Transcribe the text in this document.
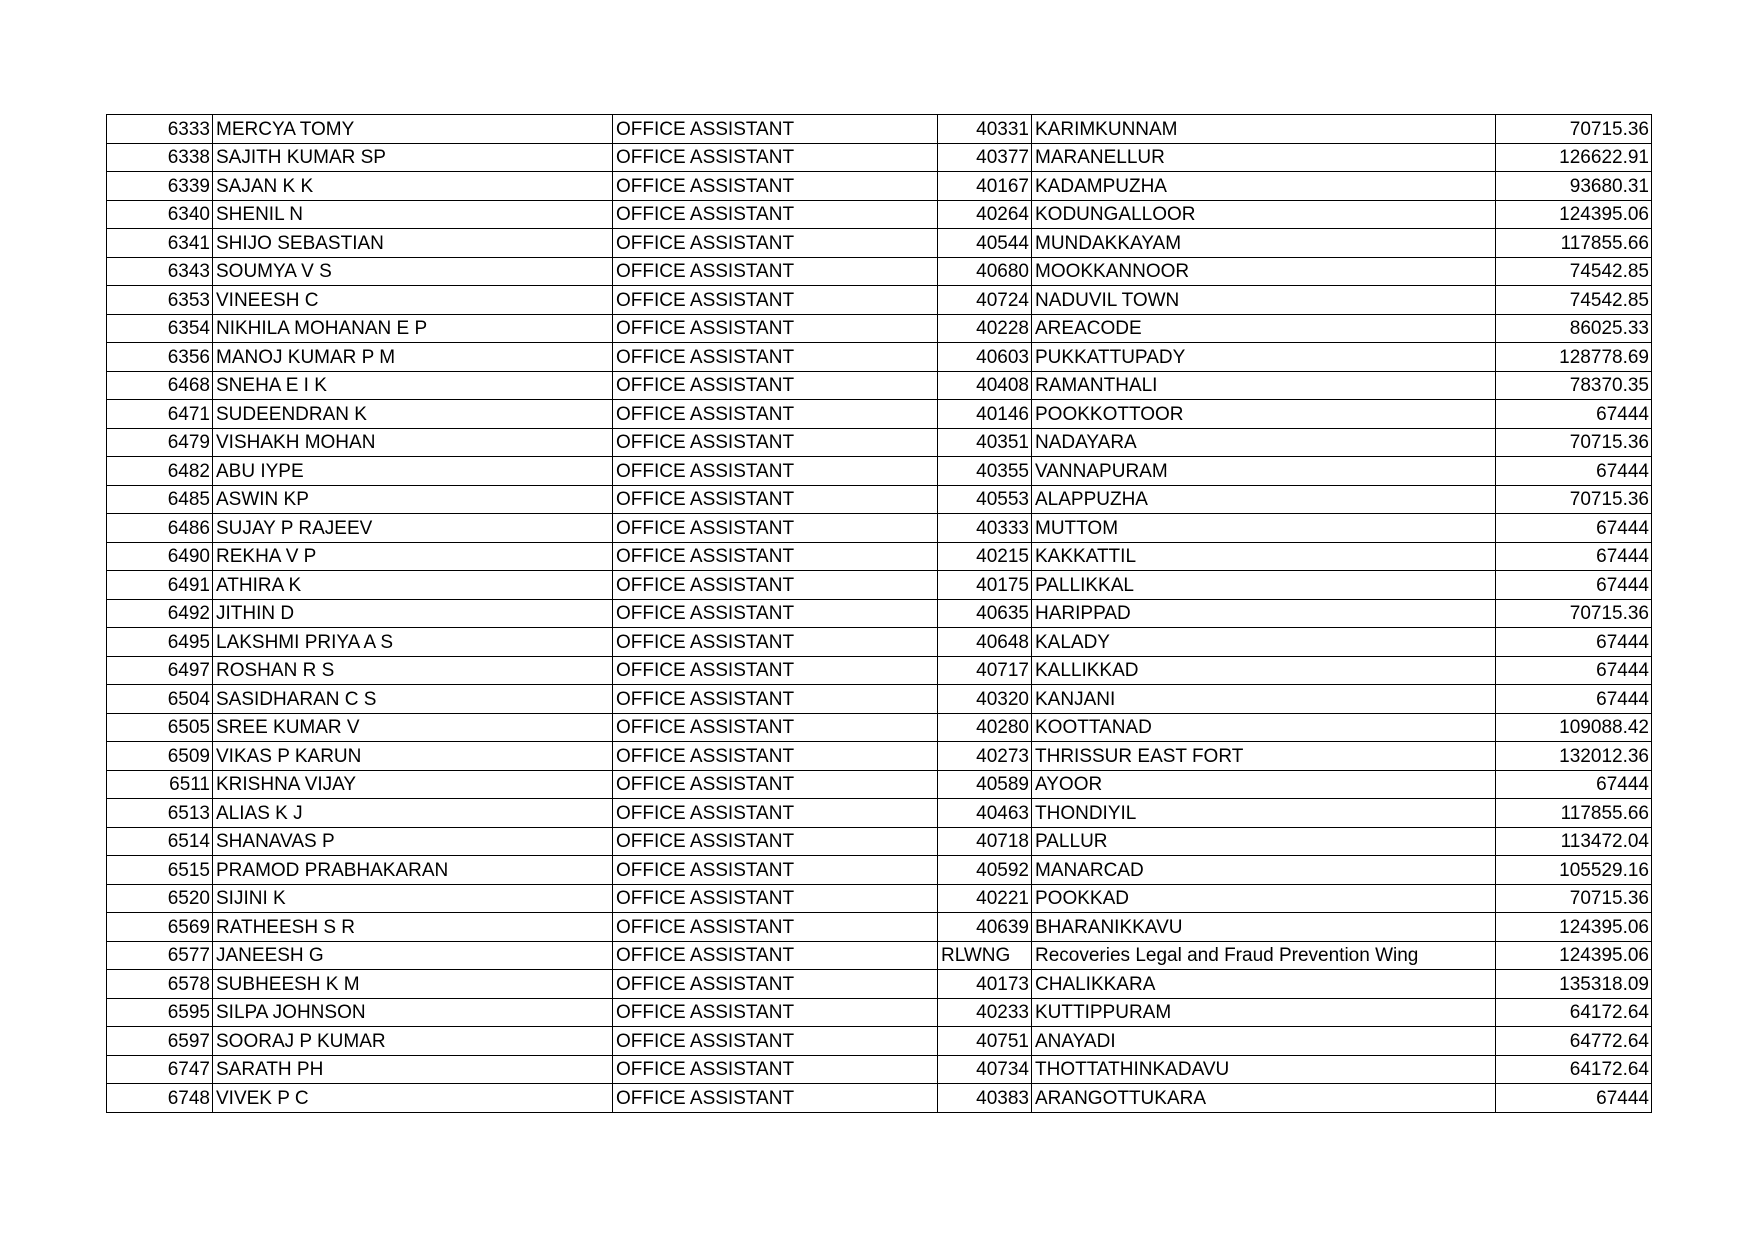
6333	MERCYA TOMY	OFFICE ASSISTANT	40331	KARIMKUNNAM	70715.36
6338	SAJITH KUMAR SP	OFFICE ASSISTANT	40377	MARANELLUR	126622.91
6339	SAJAN K K	OFFICE ASSISTANT	40167	KADAMPUZHA	93680.31
6340	SHENIL N	OFFICE ASSISTANT	40264	KODUNGALLOOR	124395.06
6341	SHIJO SEBASTIAN	OFFICE ASSISTANT	40544	MUNDAKKAYAM	117855.66
6343	SOUMYA V S	OFFICE ASSISTANT	40680	MOOKKANNOOR	74542.85
6353	VINEESH C	OFFICE ASSISTANT	40724	NADUVIL TOWN	74542.85
6354	NIKHILA MOHANAN E P	OFFICE ASSISTANT	40228	AREACODE	86025.33
6356	MANOJ KUMAR P M	OFFICE ASSISTANT	40603	PUKKATTUPADY	128778.69
6468	SNEHA E I K	OFFICE ASSISTANT	40408	RAMANTHALI	78370.35
6471	SUDEENDRAN K	OFFICE ASSISTANT	40146	POOKKOTTOOR	67444
6479	VISHAKH MOHAN	OFFICE ASSISTANT	40351	NADAYARA	70715.36
6482	ABU IYPE	OFFICE ASSISTANT	40355	VANNAPURAM	67444
6485	ASWIN KP	OFFICE ASSISTANT	40553	ALAPPUZHA	70715.36
6486	SUJAY P RAJEEV	OFFICE ASSISTANT	40333	MUTTOM	67444
6490	REKHA V P	OFFICE ASSISTANT	40215	KAKKATTIL	67444
6491	ATHIRA K	OFFICE ASSISTANT	40175	PALLIKKAL	67444
6492	JITHIN D	OFFICE ASSISTANT	40635	HARIPPAD	70715.36
6495	LAKSHMI PRIYA A S	OFFICE ASSISTANT	40648	KALADY	67444
6497	ROSHAN R S	OFFICE ASSISTANT	40717	KALLIKKAD	67444
6504	SASIDHARAN C S	OFFICE ASSISTANT	40320	KANJANI	67444
6505	SREE KUMAR V	OFFICE ASSISTANT	40280	KOOTTANAD	109088.42
6509	VIKAS P KARUN	OFFICE ASSISTANT	40273	THRISSUR EAST FORT	132012.36
6511	KRISHNA VIJAY	OFFICE ASSISTANT	40589	AYOOR	67444
6513	ALIAS K J	OFFICE ASSISTANT	40463	THONDIYIL	117855.66
6514	SHANAVAS P	OFFICE ASSISTANT	40718	PALLUR	113472.04
6515	PRAMOD PRABHAKARAN	OFFICE ASSISTANT	40592	MANARCAD	105529.16
6520	SIJINI K	OFFICE ASSISTANT	40221	POOKKAD	70715.36
6569	RATHEESH S R	OFFICE ASSISTANT	40639	BHARANIKKAVU	124395.06
6577	JANEESH G	OFFICE ASSISTANT	RLWNG	Recoveries Legal and Fraud Prevention Wing	124395.06
6578	SUBHEESH K M	OFFICE ASSISTANT	40173	CHALIKKARA	135318.09
6595	SILPA JOHNSON	OFFICE ASSISTANT	40233	KUTTIPPURAM	64172.64
6597	SOORAJ P KUMAR	OFFICE ASSISTANT	40751	ANAYADI	64772.64
6747	SARATH PH	OFFICE ASSISTANT	40734	THOTTATHINKADAVU	64172.64
6748	VIVEK P C	OFFICE ASSISTANT	40383	ARANGOTTUKARA	67444
